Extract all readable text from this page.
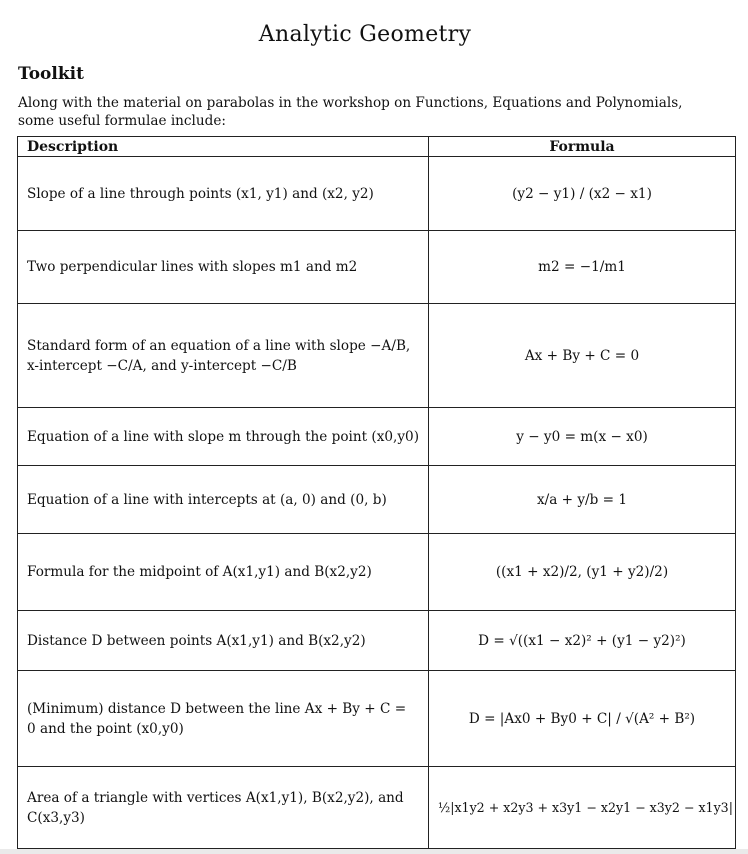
Analytic Geometry
Toolkit
Along with the material on parabolas in the workshop on Functions, Equations and Polynomials, some useful formulae include:
Description	Formula
Slope of a line through points (x1, y1) and (x2, y2)	(y2 − y1) / (x2 − x1)
Two perpendicular lines with slopes m1 and m2	m2 = −1/m1
Standard form of an equation of a line with slope −A/B, x-intercept −C/A, and y-intercept −C/B	Ax + By + C = 0
Equation of a line with slope m through the point (x0,y0)	y − y0 = m(x − x0)
Equation of a line with intercepts at (a, 0) and (0, b)	x/a + y/b = 1
Formula for the midpoint of A(x1,y1) and B(x2,y2)	((x1 + x2)/2, (y1 + y2)/2)
Distance D between points A(x1,y1) and B(x2,y2)	D = √((x1 − x2)² + (y1 − y2)²)
(Minimum) distance D between the line Ax + By + C = 0 and the point (x0,y0)	D = |Ax0 + By0 + C| / √(A² + B²)
Area of a triangle with vertices A(x1,y1), B(x2,y2), and C(x3,y3)	½|x1y2 + x2y3 + x3y1 − x2y1 − x3y2 − x1y3|
